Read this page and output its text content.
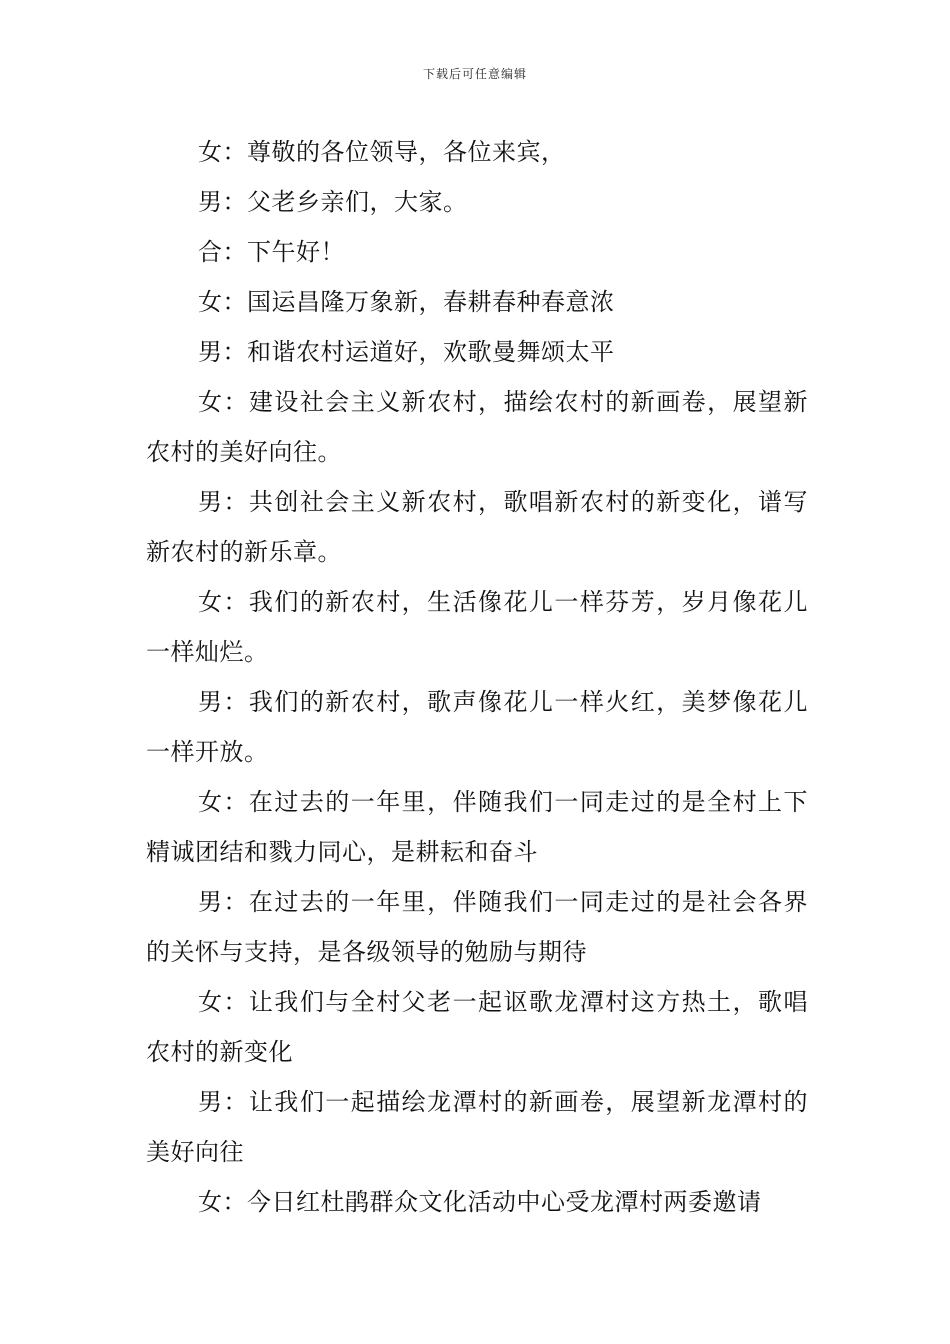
下载后可任意编辑

女：尊敬的各位领导，各位来宾，

男：父老乡亲们，大家。

合：下午好！

女：国运昌隆万象新，春耕春种春意浓

男：和谐农村运道好，欢歌曼舞颂太平

女：建设社会主义新农村，描绘农村的新画卷，展望新农村的美好向往。

男：共创社会主义新农村，歌唱新农村的新变化，谱写新农村的新乐章。

女：我们的新农村，生活像花儿一样芬芳，岁月像花儿一样灿烂。

男：我们的新农村，歌声像花儿一样火红，美梦像花儿一样开放。

女：在过去的一年里，伴随我们一同走过的是全村上下精诚团结和戮力同心，是耕耘和奋斗

男：在过去的一年里，伴随我们一同走过的是社会各界的关怀与支持，是各级领导的勉励与期待

女：让我们与全村父老一起讴歌龙潭村这方热土，歌唱农村的新变化

男：让我们一起描绘龙潭村的新画卷，展望新龙潭村的美好向往

女：今日红杜鹃群众文化活动中心受龙潭村两委邀请
